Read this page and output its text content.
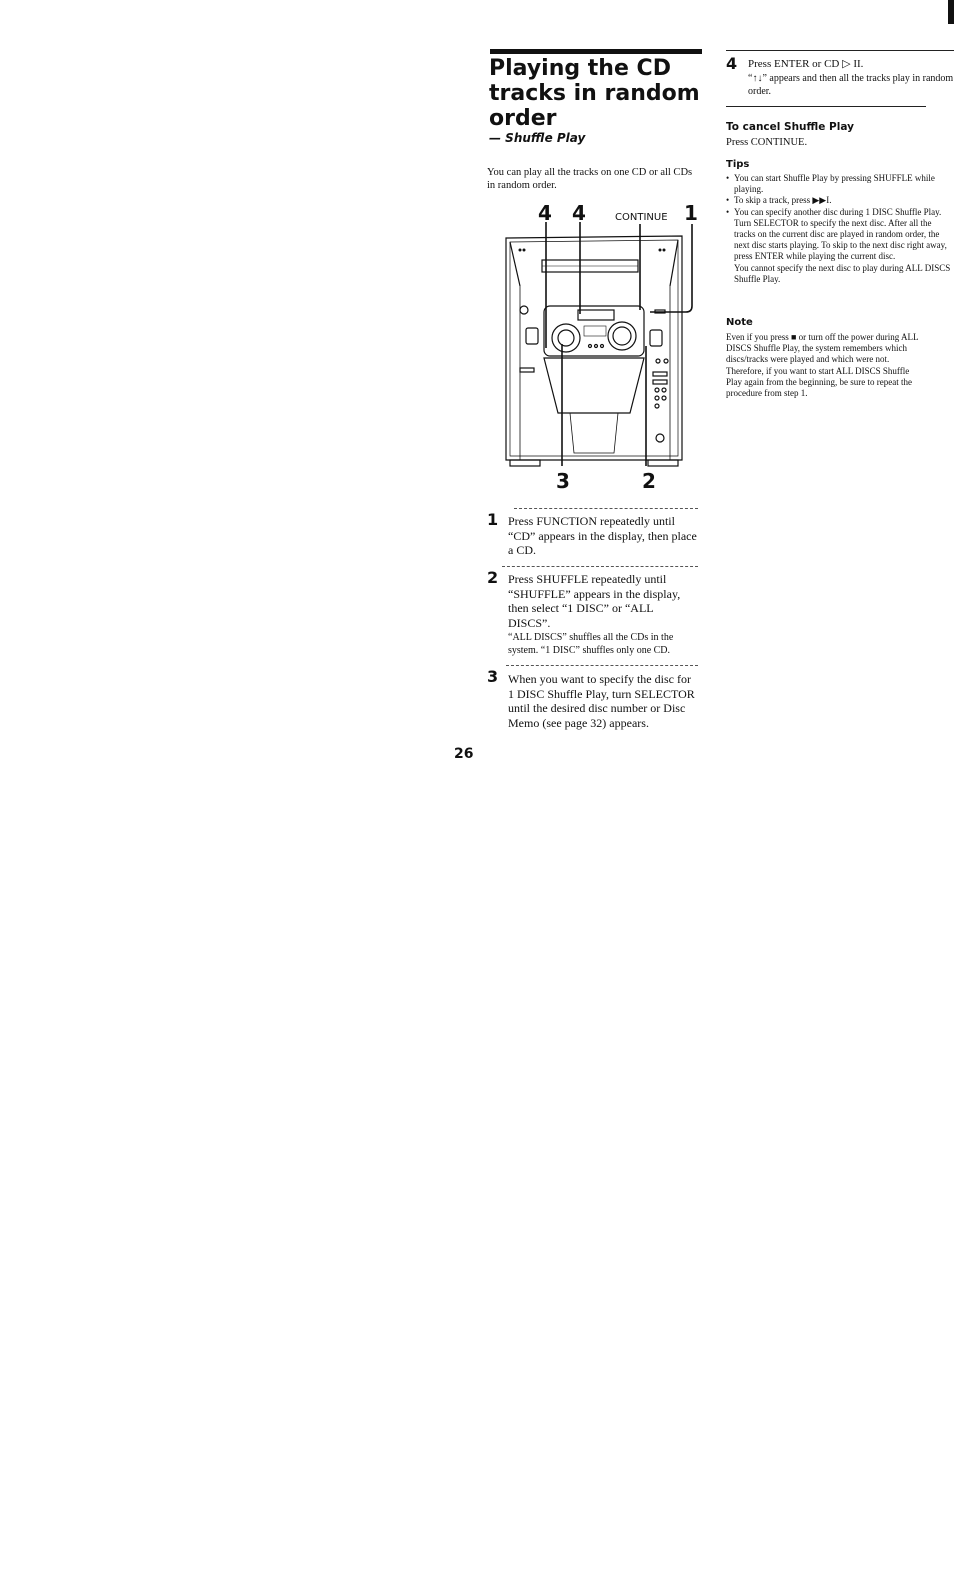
Playing the CD
tracks in random
order
— Shuffle Play
You can play all the tracks on one CD or all CDs in random order.
4 4	CONTINUE 1
3	2
1 Press FUNCTION repeatedly until “CD” appears in the display, then place a CD.
2 Press SHUFFLE repeatedly until “SHUFFLE” appears in the display, then select “1 DISC” or “ALL DISCS”.
“ALL DISCS” shuffles all the CDs in the system. “1 DISC” shuffles only one CD.
3 When you want to specify the disc for 1 DISC Shuffle Play, turn SELECTOR until the desired disc number or Disc Memo (see page 32) appears.
26
4 Press ENTER or CD ▷ II.
“↑↓” appears and then all the tracks play in random order.
To cancel Shuffle Play
Press CONTINUE.
Tips
• You can start Shuffle Play by pressing SHUFFLE while playing.
• To skip a track, press ▶▶I.
• You can specify another disc during 1 DISC Shuffle Play.
Turn SELECTOR to specify the next disc. After all the tracks on the current disc are played in random order, the next disc starts playing. To skip to the next disc right away, press ENTER while playing the current disc.
You cannot specify the next disc to play during ALL DISCS Shuffle Play.
Note
Even if you press ■ or turn off the power during ALL DISCS Shuffle Play, the system remembers which discs/tracks were played and which were not. Therefore, if you want to start ALL DISCS Shuffle Play again from the beginning, be sure to repeat the procedure from step 1.
